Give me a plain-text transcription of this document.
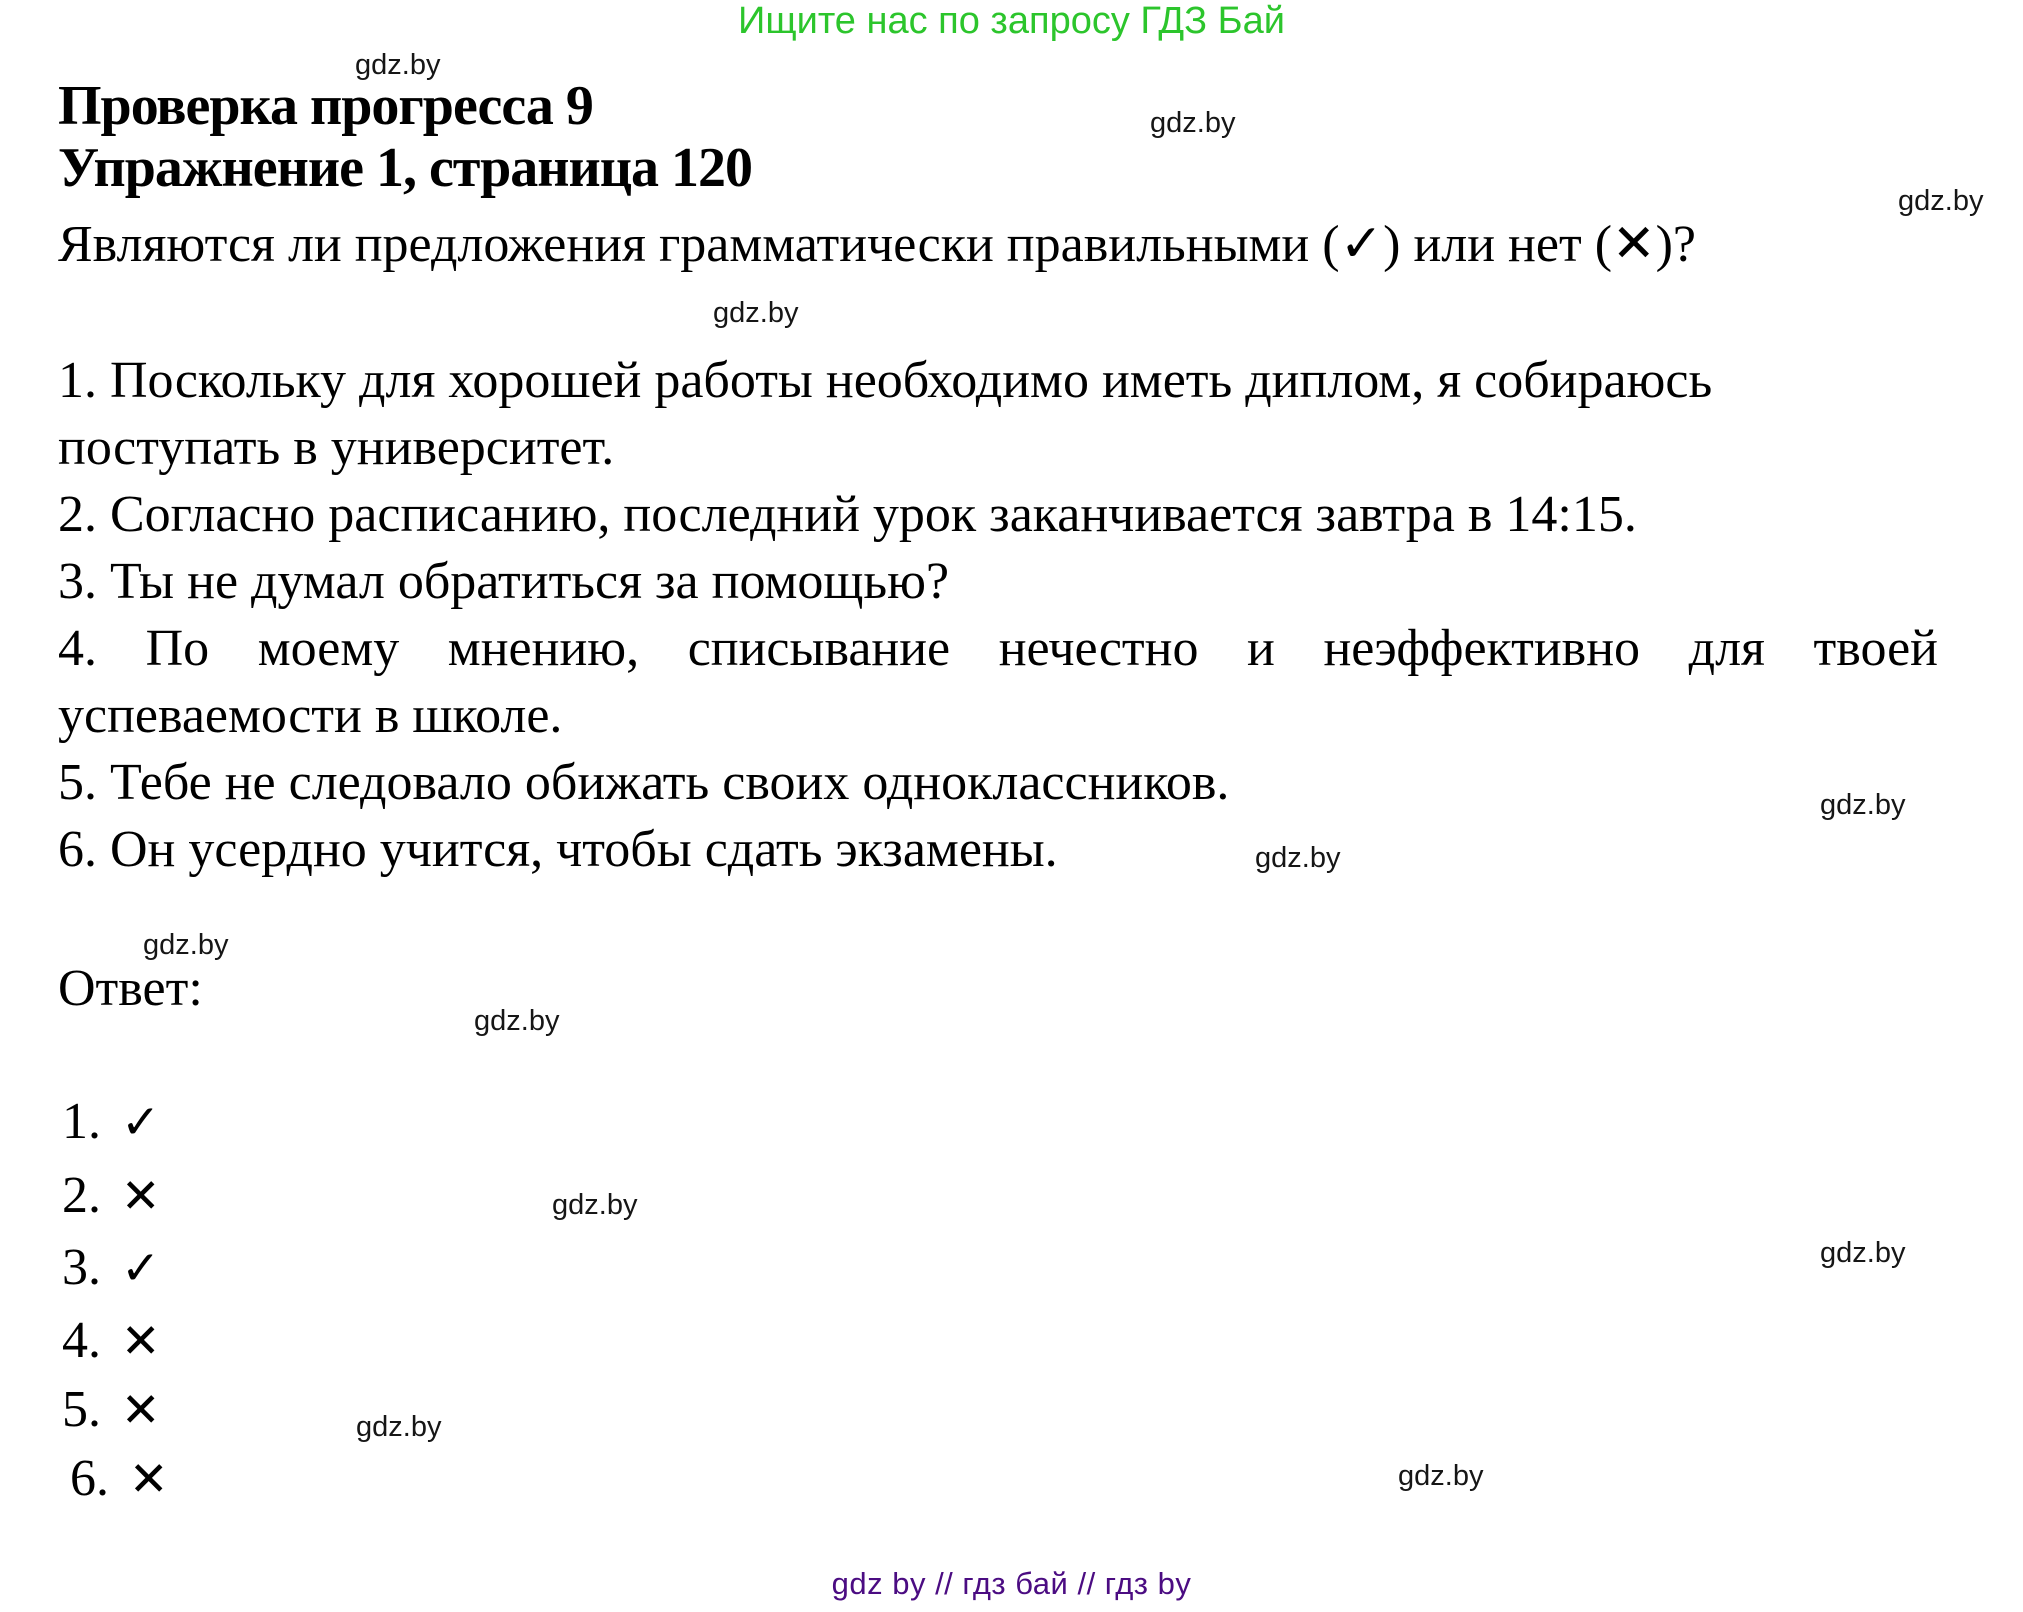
Ищите нас по запросу ГДЗ Бай
gdz.by
gdz.by
gdz.by
gdz.by
gdz.by
gdz.by
gdz.by
gdz.by
gdz.by
gdz.by
gdz.by
gdz.by
Проверка прогресса 9
Упражнение 1, страница 120
Являются ли предложения грамматически правильными (✓) или нет (✕)?
1. Поскольку для хорошей работы необходимо иметь диплом, я собираюсь
поступать в университет.
2. Согласно расписанию, последний урок заканчивается завтра в 14:15.
3. Ты не думал обратиться за помощью?
4. По моему мнению, списывание нечестно и неэффективно для твоей
успеваемости в школе.
5. Тебе не следовало обижать своих одноклассников.
6. Он усердно учится, чтобы сдать экзамены.
Ответ:
1. ✓
2. ✕
3. ✓
4. ✕
5. ✕
6. ✕
gdz by // гдз бай // гдз by
